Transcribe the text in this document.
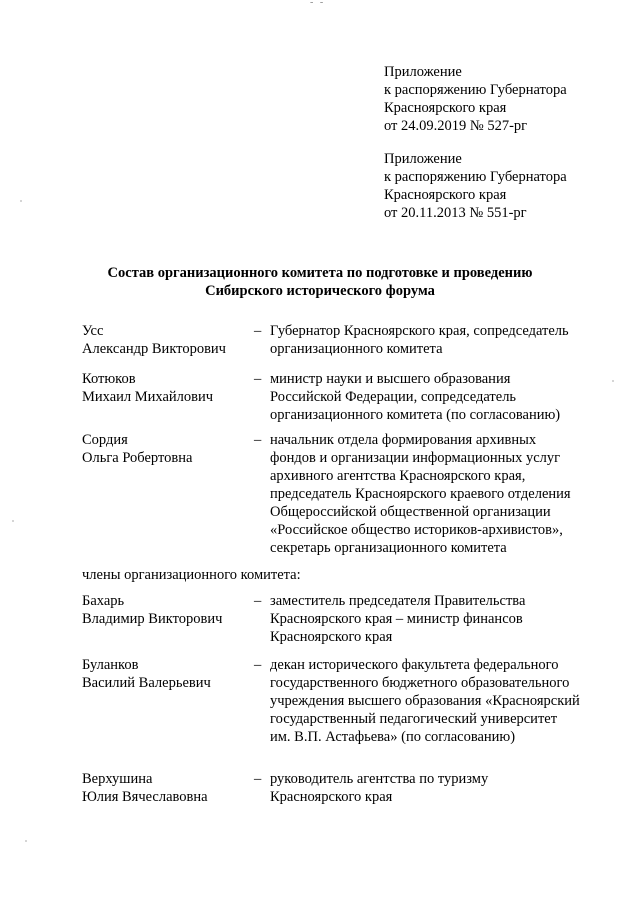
- -
Приложение
к распоряжению Губернатора
Красноярского края
от 24.09.2019 № 527-рг
Приложение
к распоряжению Губернатора
Красноярского края
от 20.11.2013 № 551-рг
Состав организационного комитета по подготовке и проведению
Сибирского исторического форума
Усс
Александр Викторович
– Губернатор Красноярского края, сопредседатель
организационного комитета
Котюков
Михаил Михайлович
– министр науки и высшего образования
Российской Федерации, сопредседатель
организационного комитета (по согласованию)
Сордия
Ольга Робертовна
– начальник отдела формирования архивных
фондов и организации информационных услуг
архивного агентства Красноярского края,
председатель Красноярского краевого отделения
Общероссийской общественной организации
«Российское общество историков-архивистов»,
секретарь организационного комитета
члены организационного комитета:
Бахарь
Владимир Викторович
– заместитель председателя Правительства
Красноярского края – министр финансов
Красноярского края
Буланков
Василий Валерьевич
– декан исторического факультета федерального
государственного бюджетного образовательного
учреждения высшего образования «Красноярский
государственный педагогический университет
им. В.П. Астафьева» (по согласованию)
Верхушина
Юлия Вячеславовна
– руководитель агентства по туризму
Красноярского края
